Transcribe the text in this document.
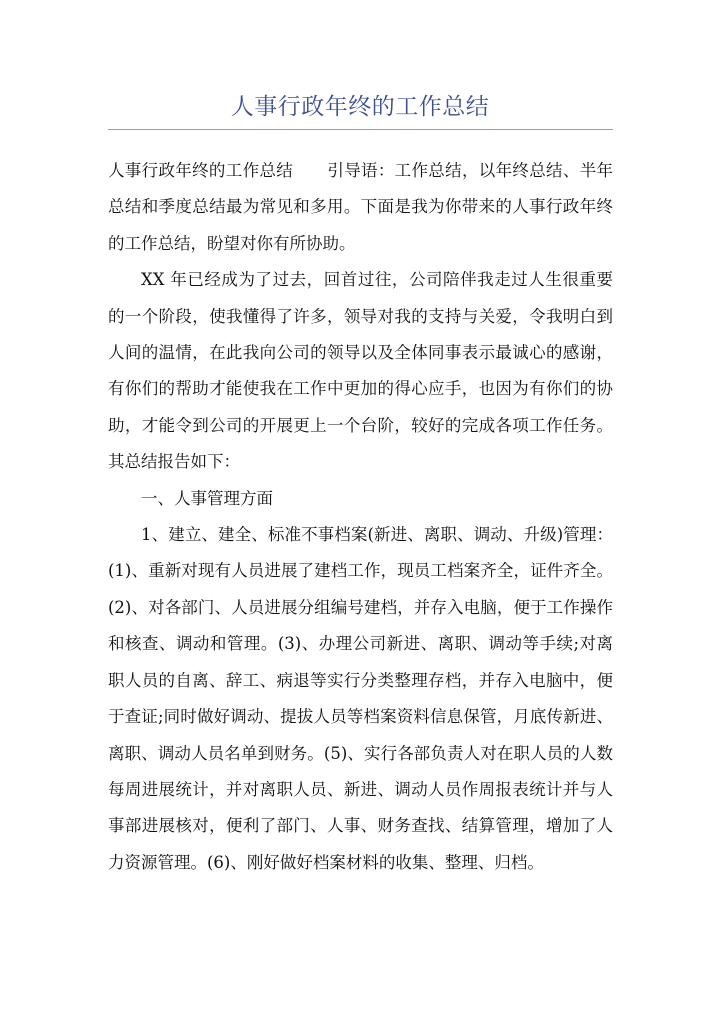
人事行政年终的工作总结

人事行政年终的工作总结 引导语：工作总结，以年终总结、半年总结和季度总结最为常见和多用。下面是我为你带来的人事行政年终的工作总结，盼望对你有所协助。

XX 年已经成为了过去，回首过往，公司陪伴我走过人生很重要的一个阶段，使我懂得了许多，领导对我的支持与关爱，令我明白到人间的温情，在此我向公司的领导以及全体同事表示最诚心的感谢，有你们的帮助才能使我在工作中更加的得心应手，也因为有你们的协助，才能令到公司的开展更上一个台阶，较好的完成各项工作任务。其总结报告如下：

一、人事管理方面

1、建立、建全、标准不事档案(新进、离职、调动、升级)管理：(1)、重新对现有人员进展了建档工作，现员工档案齐全，证件齐全。(2)、对各部门、人员进展分组编号建档，并存入电脑，便于工作操作和核查、调动和管理。(3)、办理公司新进、离职、调动等手续;对离职人员的自离、辞工、病退等实行分类整理存档，并存入电脑中，便于查证;同时做好调动、提拔人员等档案资料信息保管，月底传新进、离职、调动人员名单到财务。(5)、实行各部负责人对在职人员的人数每周进展统计，并对离职人员、新进、调动人员作周报表统计并与人事部进展核对，便利了部门、人事、财务查找、结算管理，增加了人力资源管理。(6)、刚好做好档案材料的收集、整理、归档。
